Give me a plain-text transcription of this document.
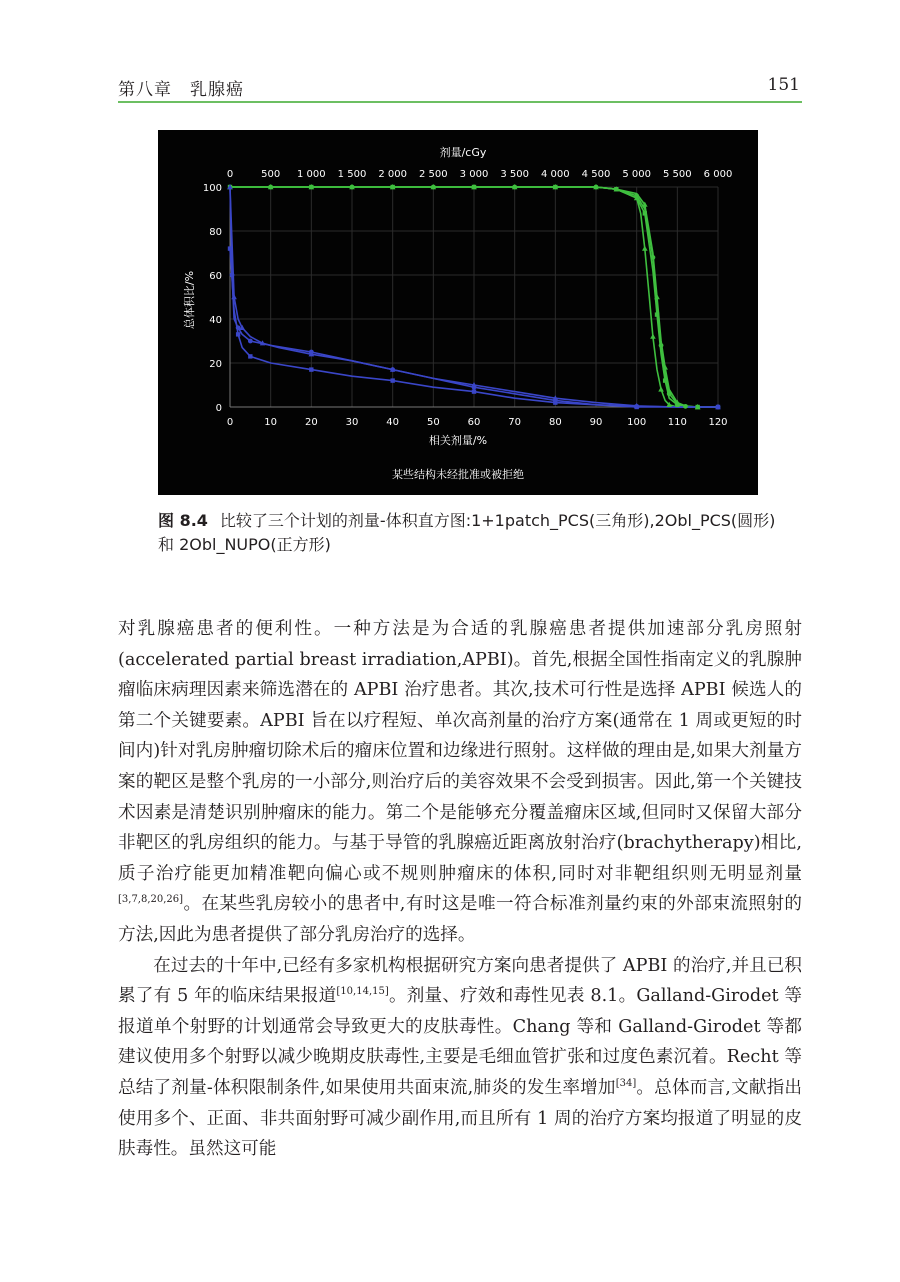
第八章　乳腺癌	151
0	10	20	30	40	50	60	70	80	90 100 110 120
0	500 1 000 1 500 2 000 2 500 3 000 3 500 4 000 4 500 5 000 5 500 6 000
0
20
40
60
80
100
剂量/cGy
相关剂量/%
总体积比/%
某些结构未经批准或被拒绝
图 8.4 比较了三个计划的剂量-体积直方图:1+1patch_PCS(三角形),2Obl_PCS(圆形)和 2Obl_NUPO(正方形)

对乳腺癌患者的便利性。一种方法是为合适的乳腺癌患者提供加速部分乳房照射(accelerated partial breast irradiation,APBI)。首先,根据全国性指南定义的乳腺肿瘤临床病理因素来筛选潜在的 APBI 治疗患者。其次,技术可行性是选择 APBI 候选人的第二个关键要素。APBI 旨在以疗程短、单次高剂量的治疗方案(通常在 1 周或更短的时间内)针对乳房肿瘤切除术后的瘤床位置和边缘进行照射。这样做的理由是,如果大剂量方案的靶区是整个乳房的一小部分,则治疗后的美容效果不会受到损害。因此,第一个关键技术因素是清楚识别肿瘤床的能力。第二个是能够充分覆盖瘤床区域,但同时又保留大部分非靶区的乳房组织的能力。与基于导管的乳腺癌近距离放射治疗(brachytherapy)相比,质子治疗能更加精准靶向偏心或不规则肿瘤床的体积,同时对非靶组织则无明显剂量[3,7,8,20,26]。在某些乳房较小的患者中,有时这是唯一符合标准剂量约束的外部束流照射的方法,因此为患者提供了部分乳房治疗的选择。

在过去的十年中,已经有多家机构根据研究方案向患者提供了 APBI 的治疗,并且已积累了有 5 年的临床结果报道[10,14,15]。剂量、疗效和毒性见表 8.1。Galland-Girodet 等报道单个射野的计划通常会导致更大的皮肤毒性。Chang 等和 Galland-Girodet 等都建议使用多个射野以减少晚期皮肤毒性,主要是毛细血管扩张和过度色素沉着。Recht 等总结了剂量-体积限制条件,如果使用共面束流,肺炎的发生率增加[34]。总体而言,文献指出使用多个、正面、非共面射野可减少副作用,而且所有 1 周的治疗方案均报道了明显的皮肤毒性。虽然这可能
